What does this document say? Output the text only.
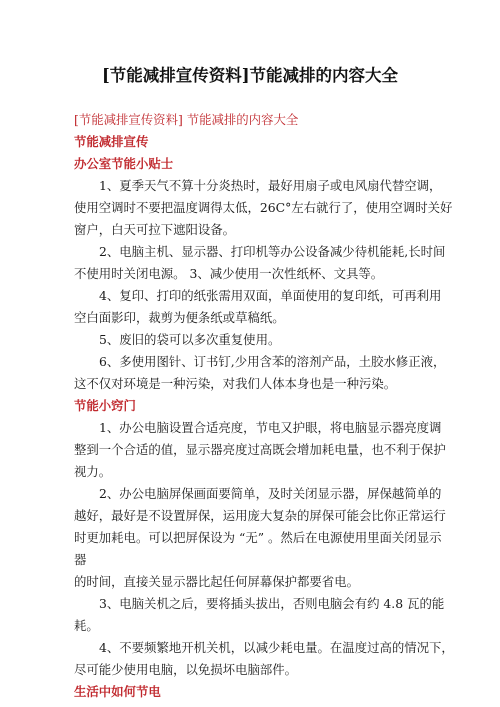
[节能减排宣传资料]节能减排的内容大全

[节能减排宣传资料] 节能减排的内容大全

节能减排宣传

办公室节能小贴士

1、夏季天气不算十分炎热时，最好用扇子或电风扇代替空调，
使用空调时不要把温度调得太低，26C°左右就行了，使用空调时关好
窗户，白天可拉下遮阳设备。
2、电脑主机、显示器、打印机等办公设备减少待机能耗,长时间
不使用时关闭电源。 3、减少使用一次性纸杯、文具等。
4、复印、打印的纸张需用双面，单面使用的复印纸，可再利用
空白面影印，裁剪为便条纸或草稿纸。
5、废旧的袋可以多次重复使用。
6、多使用图针、订书钉,少用含苯的溶剂产品，土胶水修正液，
这不仅对环境是一种污染，对我们人体本身也是一种污染。

节能小窍门

1、办公电脑设置合适亮度，节电又护眼，将电脑显示器亮度调
整到一个合适的值，显示器亮度过高既会增加耗电量，也不利于保护
视力。
2、办公电脑屏保画面要简单，及时关闭显示器，屏保越简单的
越好，最好是不设置屏保，运用庞大复杂的屏保可能会比你正常运行
时更加耗电。可以把屏保设为 “无” 。然后在电源使用里面关闭显示
器
的时间，直接关显示器比起任何屏幕保护都要省电。
3、电脑关机之后，要将插头拔出，否则电脑会有约 4.8 瓦的能
耗。
4、不要频繁地开机关机，以减少耗电量。在温度过高的情况下，
尽可能少使用电脑，以免损坏电脑部件。

生活中如何节电
